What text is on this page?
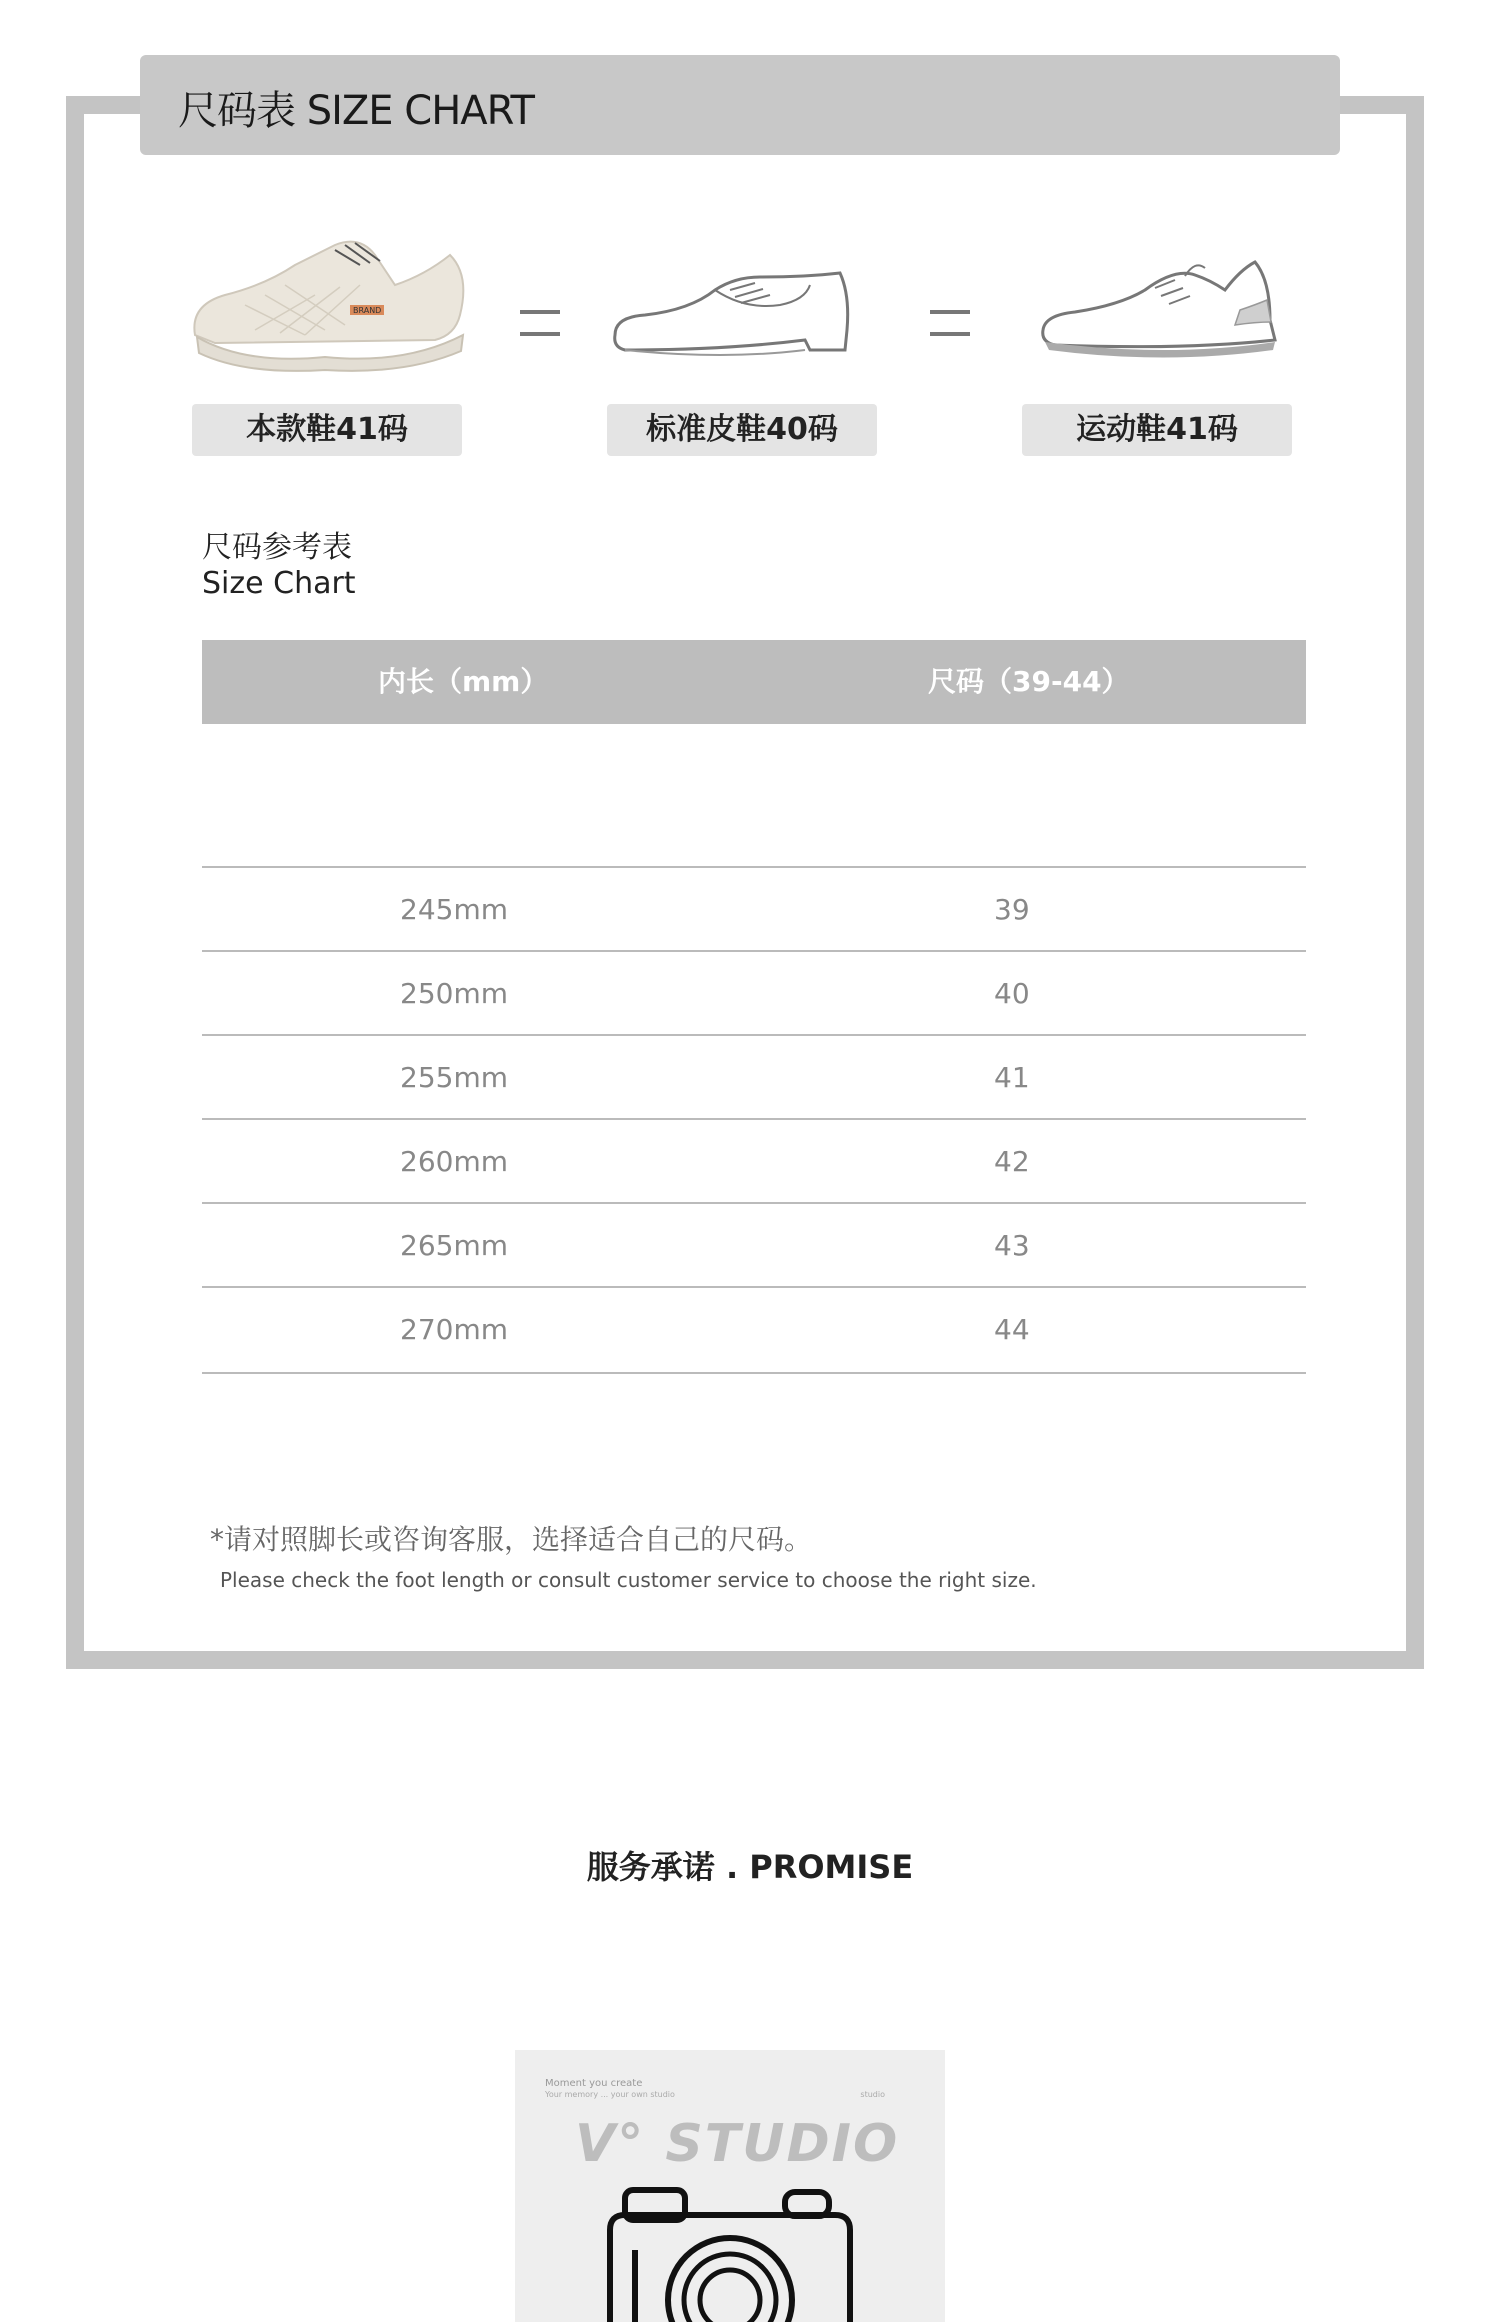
尺码表 SIZE CHART
BRAND
本款鞋41码	标准皮鞋40码	运动鞋41码
尺码参考表
Size Chart
内长（mm）	尺码（39-44）
245mm	39
250mm	40
255mm	41
260mm	42
265mm	43
270mm	44
*请对照脚长或咨询客服，选择适合自己的尺码。
Please check the foot length or consult customer service to choose the right size.
服务承诺 . PROMISE
Moment you create
Your memory ... your own studio	studio
V° STUDIO
